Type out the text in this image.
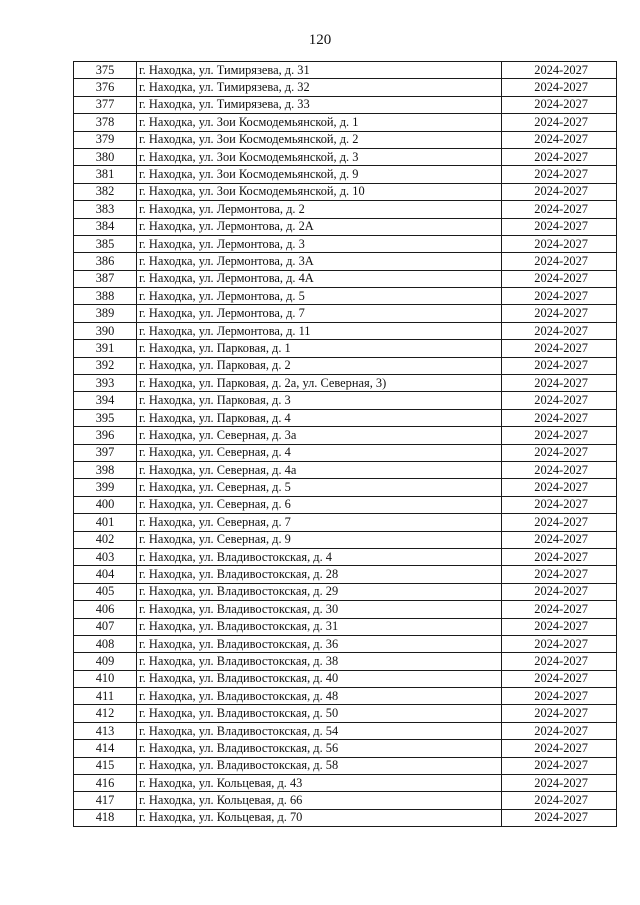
120
375	г. Находка, ул. Тимирязева, д. 31	2024-2027
376	г. Находка, ул. Тимирязева, д. 32	2024-2027
377	г. Находка, ул. Тимирязева, д. 33	2024-2027
378	г. Находка, ул. Зои Космодемьянской, д. 1	2024-2027
379	г. Находка, ул. Зои Космодемьянской, д. 2	2024-2027
380	г. Находка, ул. Зои Космодемьянской, д. 3	2024-2027
381	г. Находка, ул. Зои Космодемьянской, д. 9	2024-2027
382	г. Находка, ул. Зои Космодемьянской, д. 10	2024-2027
383	г. Находка, ул. Лермонтова, д. 2	2024-2027
384	г. Находка, ул. Лермонтова, д. 2А	2024-2027
385	г. Находка, ул. Лермонтова, д. 3	2024-2027
386	г. Находка, ул. Лермонтова, д. 3А	2024-2027
387	г. Находка, ул. Лермонтова, д. 4А	2024-2027
388	г. Находка, ул. Лермонтова, д. 5	2024-2027
389	г. Находка, ул. Лермонтова, д. 7	2024-2027
390	г. Находка, ул. Лермонтова, д. 11	2024-2027
391	г. Находка, ул. Парковая, д. 1	2024-2027
392	г. Находка, ул. Парковая, д. 2	2024-2027
393	г. Находка, ул. Парковая, д. 2а, ул. Северная, 3)	2024-2027
394	г. Находка, ул. Парковая, д. 3	2024-2027
395	г. Находка, ул. Парковая, д. 4	2024-2027
396	г. Находка, ул. Северная, д. 3а	2024-2027
397	г. Находка, ул. Северная, д. 4	2024-2027
398	г. Находка, ул. Северная, д. 4а	2024-2027
399	г. Находка, ул. Северная, д. 5	2024-2027
400	г. Находка, ул. Северная, д. 6	2024-2027
401	г. Находка, ул. Северная, д. 7	2024-2027
402	г. Находка, ул. Северная, д. 9	2024-2027
403	г. Находка, ул. Владивостокская, д. 4	2024-2027
404	г. Находка, ул. Владивостокская, д. 28	2024-2027
405	г. Находка, ул. Владивостокская, д. 29	2024-2027
406	г. Находка, ул. Владивостокская, д. 30	2024-2027
407	г. Находка, ул. Владивостокская, д. 31	2024-2027
408	г. Находка, ул. Владивостокская, д. 36	2024-2027
409	г. Находка, ул. Владивостокская, д. 38	2024-2027
410	г. Находка, ул. Владивостокская, д. 40	2024-2027
411	г. Находка, ул. Владивостокская, д. 48	2024-2027
412	г. Находка, ул. Владивостокская, д. 50	2024-2027
413	г. Находка, ул. Владивостокская, д. 54	2024-2027
414	г. Находка, ул. Владивостокская, д. 56	2024-2027
415	г. Находка, ул. Владивостокская, д. 58	2024-2027
416	г. Находка, ул. Кольцевая, д. 43	2024-2027
417	г. Находка, ул. Кольцевая, д. 66	2024-2027
418	г. Находка, ул. Кольцевая, д. 70	2024-2027
